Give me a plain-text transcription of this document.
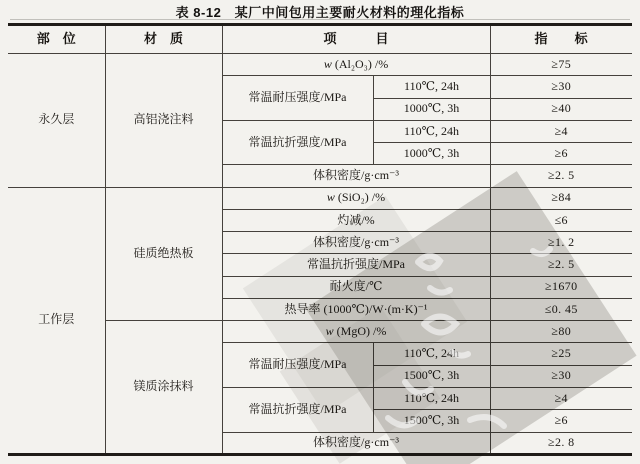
表 8-12　某厂中间包用主要耐火材料的理化指标
部　位	材　质	项　　　目		指　　标
永久层	高铝浇注料	w (Al₂O₃) /%		≥75
		常温耐压强度/MPa	110℃, 24h	≥30
			1000℃, 3h	≥40
		常温抗折强度/MPa	110℃, 24h	≥4
			1000℃, 3h	≥6
		体积密度/g·cm⁻³		≥2. 5
工作层	硅质绝热板	w (SiO₂) /%		≥84
		灼减/%		≤6
		体积密度/g·cm⁻³		≥1. 2
		常温抗折强度/MPa		≥2. 5
		耐火度/℃		≥1670
		热导率 (1000℃)/W·(m·K)⁻¹		≤0. 45
	镁质涂抹料	w (MgO) /%		≥80
		常温耐压强度/MPa	110℃, 24h	≥25
			1500℃, 3h	≥30
		常温抗折强度/MPa	110℃, 24h	≥4
			1500℃, 3h	≥6
		体积密度/g·cm⁻³		≥2. 8
